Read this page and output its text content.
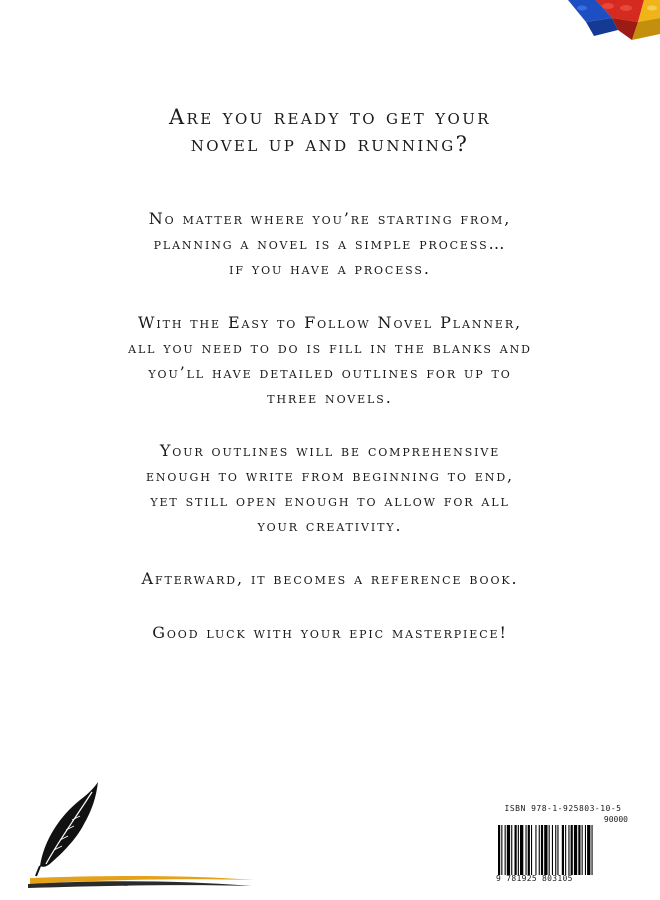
Are you ready to get your
novel up and running?

No matter where you’re starting from,
planning a novel is a simple process…
if you have a process.

With the Easy to Follow Novel Planner,
all you need to do is fill in the blanks and
you’ll have detailed outlines for up to
three novels.

Your outlines will be comprehensive
enough to write from beginning to end,
yet still open enough to allow for all
your creativity.

Afterward, it becomes a reference book.

Good luck with your epic masterpiece!

ISBN 978-1-925803-10-5
90000
9 781925 803105
